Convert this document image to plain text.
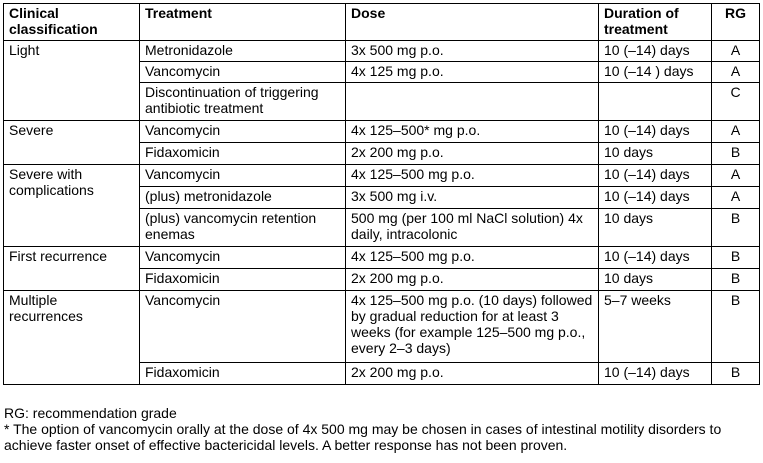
Clinical classification	Treatment	Dose	Duration of treatment	RG
Light	Metronidazole	3x 500 mg p.o.	10 (–14) days	A
	Vancomycin	4x 125 mg p.o.	10 (–14 ) days	A
	Discontinuation of triggering antibiotic treatment			C
Severe	Vancomycin	4x 125–500* mg p.o.	10 (–14) days	A
	Fidaxomicin	2x 200 mg p.o.	10 days	B
Severe with complications	Vancomycin	4x 125–500 mg p.o.	10 (–14) days	A
	(plus) metronidazole	3x 500 mg i.v.	10 (–14) days	A
	(plus) vancomycin retention enemas	500 mg (per 100 ml NaCl solution) 4x daily, intracolonic	10 days	B
First recurrence	Vancomycin	4x 125–500 mg p.o.	10 (–14) days	B
	Fidaxomicin	2x 200 mg p.o.	10 days	B
Multiple recurrences	Vancomycin	4x 125–500 mg p.o. (10 days) followed by gradual reduction for at least 3 weeks (for example 125–500 mg p.o., every 2–3 days)	5–7 weeks	B
	Fidaxomicin	2x 200 mg p.o.	10 (–14) days	B
RG: recommendation grade
* The option of vancomycin orally at the dose of 4x 500 mg may be chosen in cases of intestinal motility disorders to achieve faster onset of effective bactericidal levels. A better response has not been proven.
